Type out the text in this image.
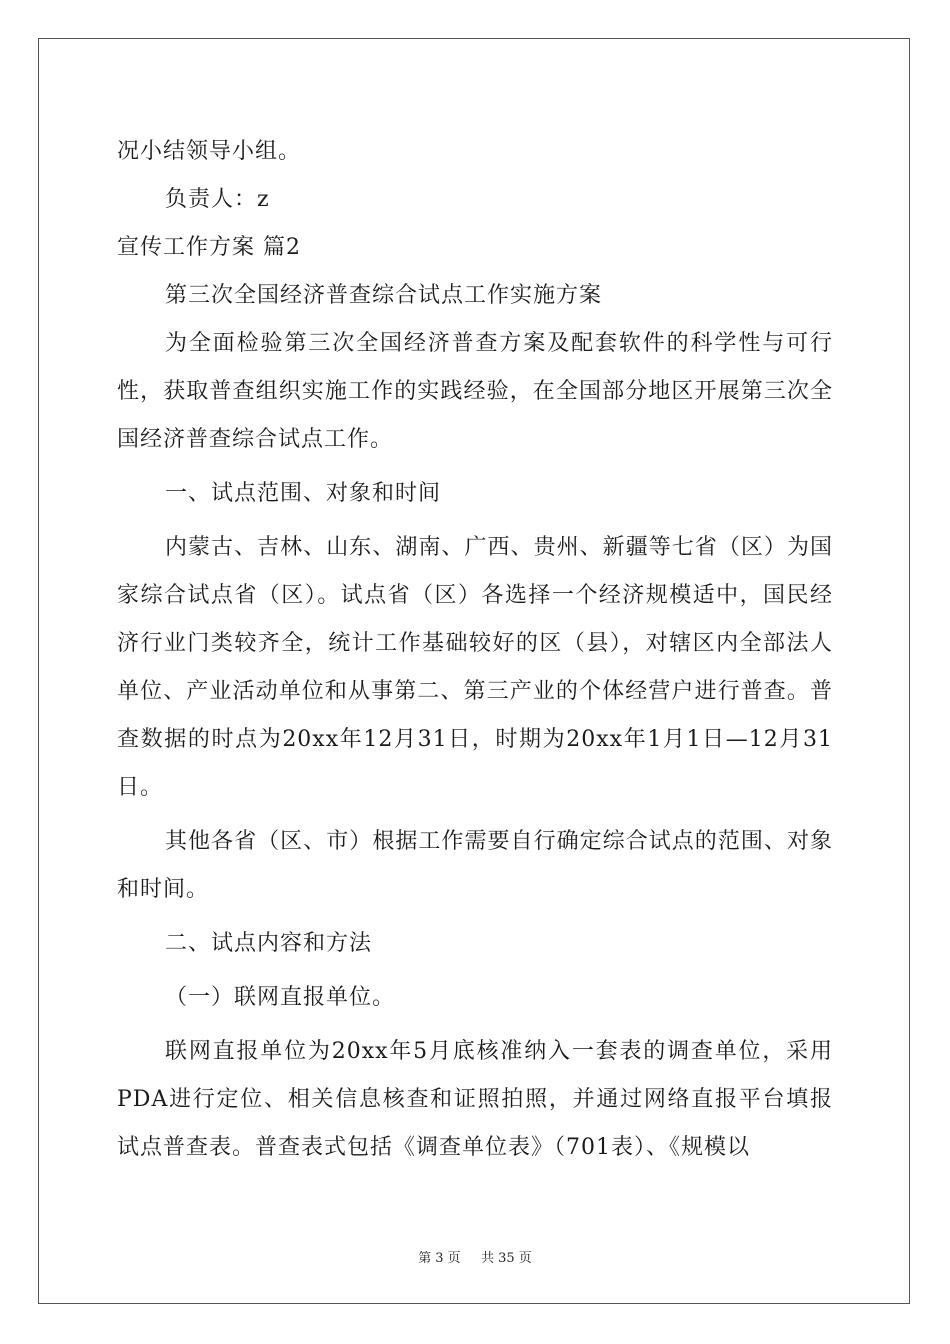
况小结领导小组。
负责人：z
宣传工作方案 篇2
第三次全国经济普查综合试点工作实施方案
为全面检验第三次全国经济普查方案及配套软件的科学性与可行性，获取普查组织实施工作的实践经验，在全国部分地区开展第三次全国经济普查综合试点工作。
一、试点范围、对象和时间
内蒙古、吉林、山东、湖南、广西、贵州、新疆等七省（区）为国家综合试点省（区）。试点省（区）各选择一个经济规模适中，国民经济行业门类较齐全，统计工作基础较好的区（县），对辖区内全部法人单位、产业活动单位和从事第二、第三产业的个体经营户进行普查。普查数据的时点为20xx年12月31日，时期为20xx年1月1日—12月31日。
其他各省（区、市）根据工作需要自行确定综合试点的范围、对象和时间。
二、试点内容和方法
（一）联网直报单位。
联网直报单位为20xx年5月底核准纳入一套表的调查单位，采用PDA进行定位、相关信息核查和证照拍照，并通过网络直报平台填报试点普查表。普查表式包括《调查单位表》（701表）、《规模以
第 3 页 共 35 页
